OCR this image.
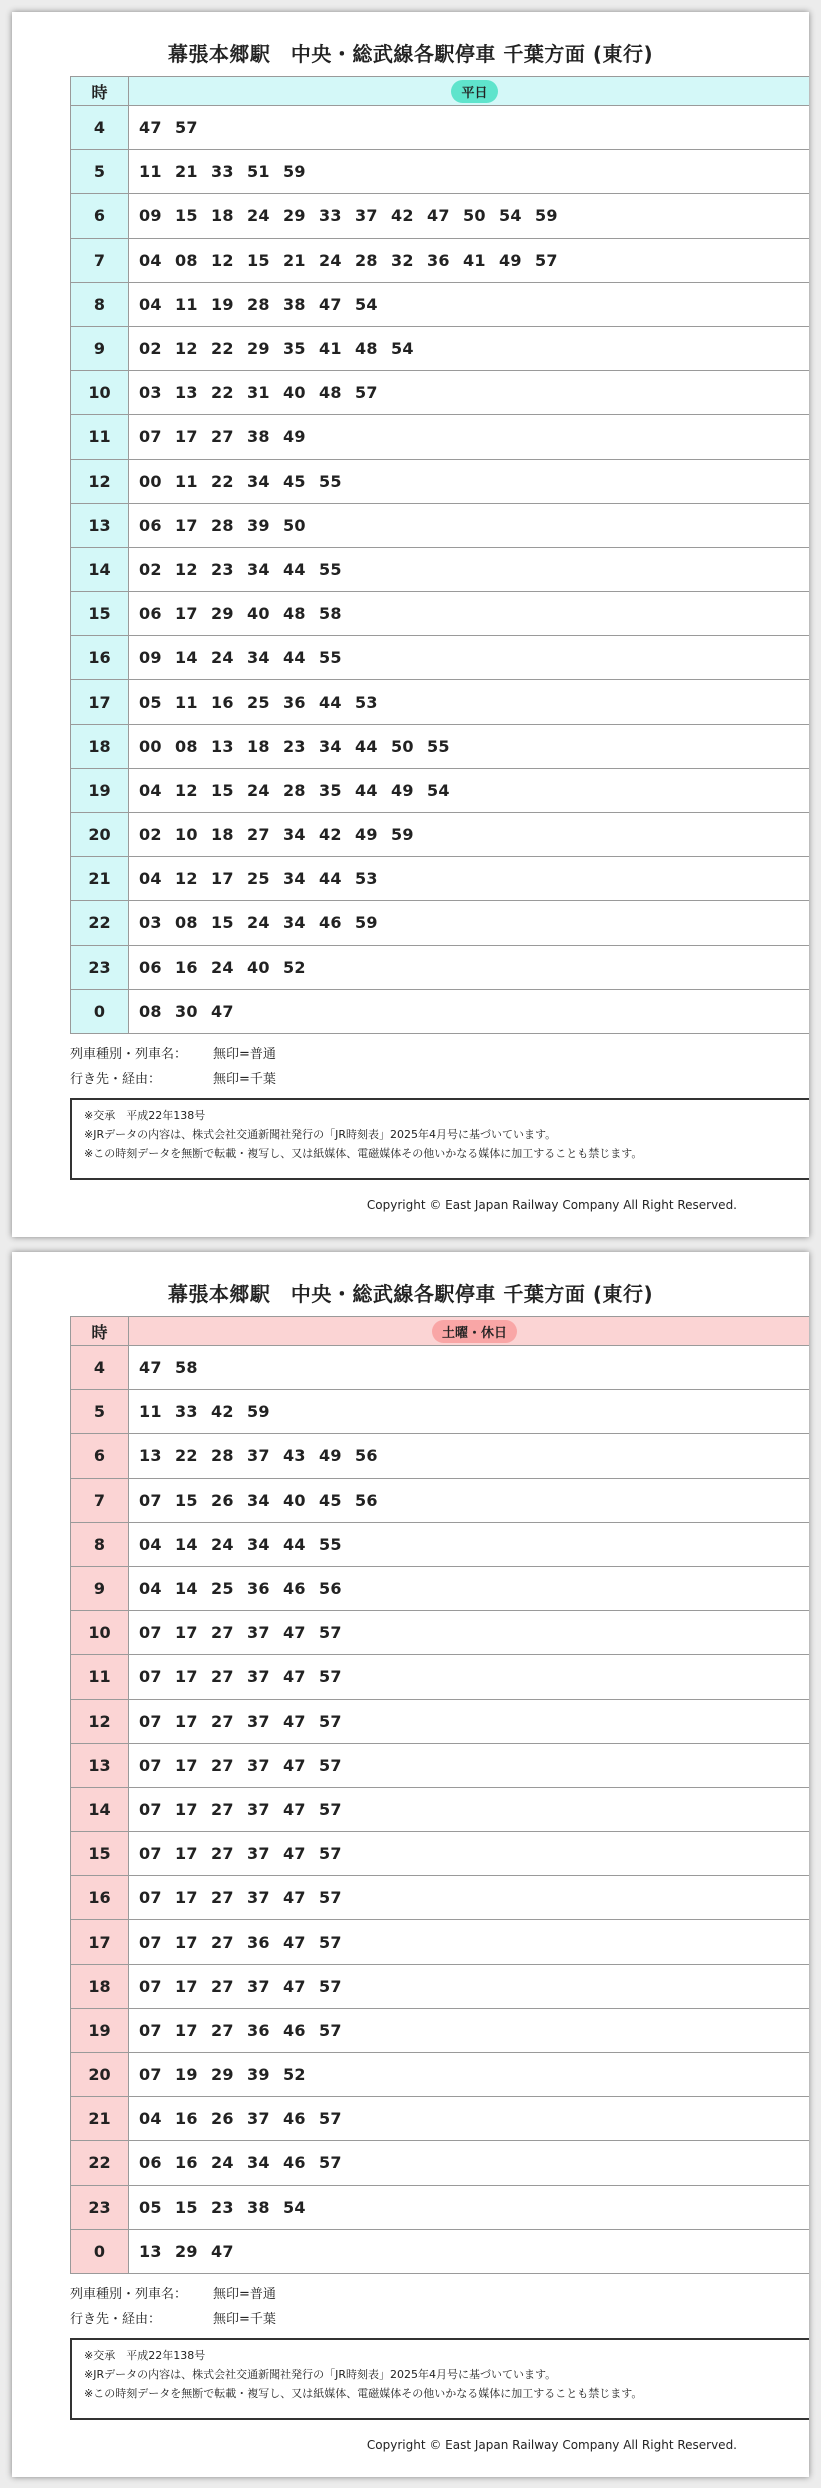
幕張本郷駅　中央・総武線各駅停車 千葉方面 (東行)
時	平日
4	47 57
5	11 21 33 51 59
6	09 15 18 24 29 33 37 42 47 50 54 59
7	04 08 12 15 21 24 28 32 36 41 49 57
8	04 11 19 28 38 47 54
9	02 12 22 29 35 41 48 54
10	03 13 22 31 40 48 57
11	07 17 27 38 49
12	00 11 22 34 45 55
13	06 17 28 39 50
14	02 12 23 34 44 55
15	06 17 29 40 48 58
16	09 14 24 34 44 55
17	05 11 16 25 36 44 53
18	00 08 13 18 23 34 44 50 55
19	04 12 15 24 28 35 44 49 54
20	02 10 18 27 34 42 49 59
21	04 12 17 25 34 44 53
22	03 08 15 24 34 46 59
23	06 16 24 40 52
0	08 30 47
列車種別・列車名： 無印=普通
行き先・経由：	無印=千葉
※交承　平成22年138号
※JRデータの内容は、株式会社交通新聞社発行の「JR時刻表」2025年4月号に基づいています。
※この時刻データを無断で転載・複写し、又は紙媒体、電磁媒体その他いかなる媒体に加工することも禁じます。
Copyright © East Japan Railway Company All Right Reserved.
幕張本郷駅　中央・総武線各駅停車 千葉方面 (東行)
時	土曜・休日
4	47 58
5	11 33 42 59
6	13 22 28 37 43 49 56
7	07 15 26 34 40 45 56
8	04 14 24 34 44 55
9	04 14 25 36 46 56
10	07 17 27 37 47 57
11	07 17 27 37 47 57
12	07 17 27 37 47 57
13	07 17 27 37 47 57
14	07 17 27 37 47 57
15	07 17 27 37 47 57
16	07 17 27 37 47 57
17	07 17 27 36 47 57
18	07 17 27 37 47 57
19	07 17 27 36 46 57
20	07 19 29 39 52
21	04 16 26 37 46 57
22	06 16 24 34 46 57
23	05 15 23 38 54
0	13 29 47
列車種別・列車名： 無印=普通
行き先・経由：	無印=千葉
※交承　平成22年138号
※JRデータの内容は、株式会社交通新聞社発行の「JR時刻表」2025年4月号に基づいています。
※この時刻データを無断で転載・複写し、又は紙媒体、電磁媒体その他いかなる媒体に加工することも禁じます。
Copyright © East Japan Railway Company All Right Reserved.
